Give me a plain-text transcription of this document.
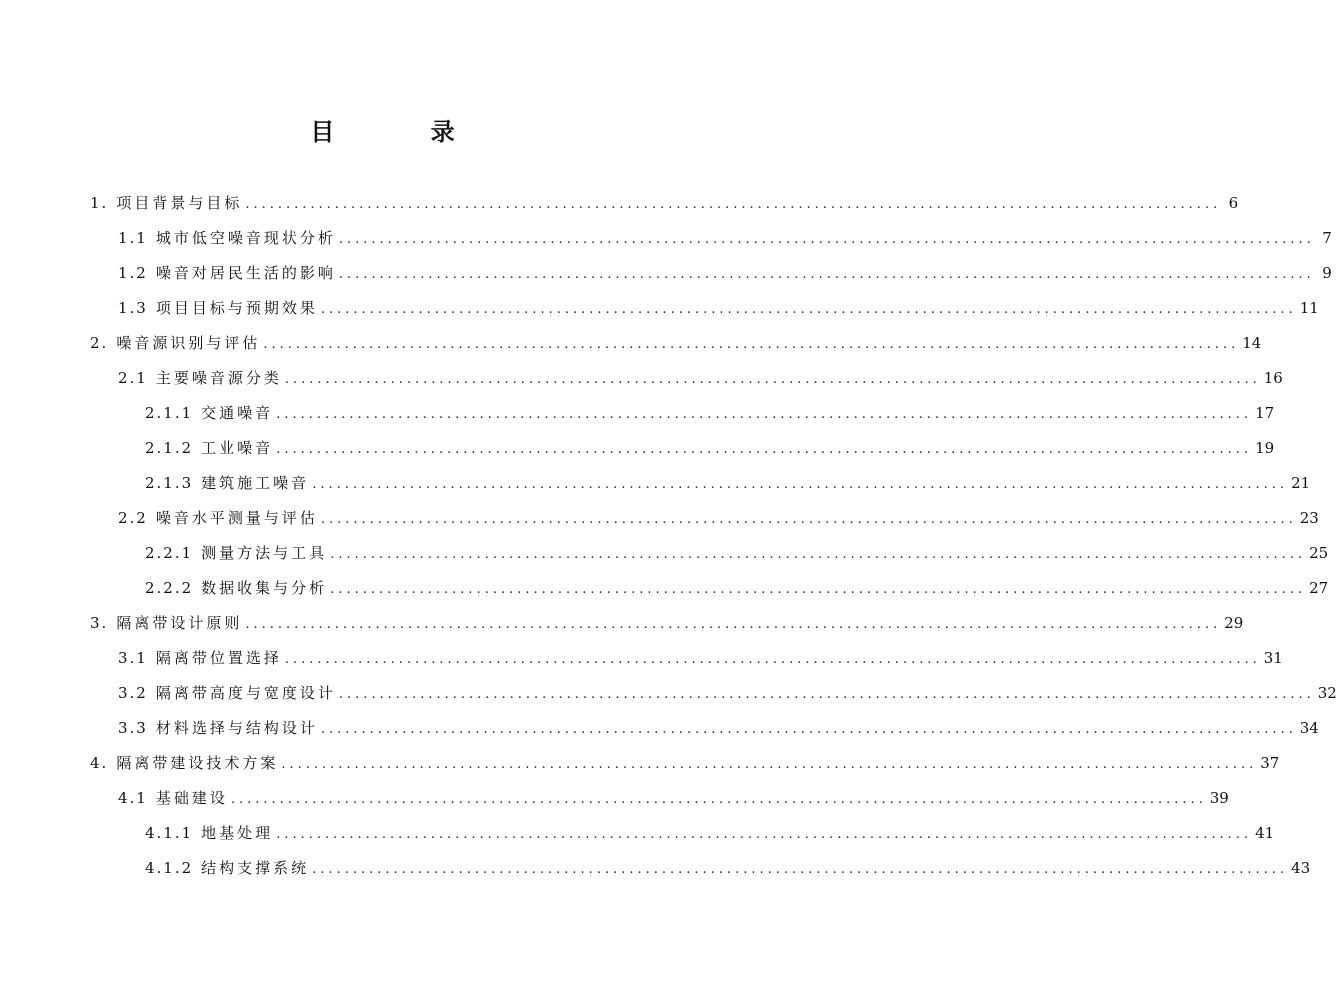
目 录
1. 项目背景与目标 ........................................................................................................................ 6
1.1 城市低空噪音现状分析 ........................................................................................................................ 7
1.2 噪音对居民生活的影响 ........................................................................................................................ 9
1.3 项目目标与预期效果 ........................................................................................................................ 11
2. 噪音源识别与评估 ........................................................................................................................ 14
2.1 主要噪音源分类 ........................................................................................................................ 16
2.1.1 交通噪音 ........................................................................................................................ 17
2.1.2 工业噪音 ........................................................................................................................ 19
2.1.3 建筑施工噪音 ........................................................................................................................ 21
2.2 噪音水平测量与评估 ........................................................................................................................ 23
2.2.1 测量方法与工具 ........................................................................................................................ 25
2.2.2 数据收集与分析 ........................................................................................................................ 27
3. 隔离带设计原则 ........................................................................................................................ 29
3.1 隔离带位置选择 ........................................................................................................................ 31
3.2 隔离带高度与宽度设计 ........................................................................................................................ 32
3.3 材料选择与结构设计 ........................................................................................................................ 34
4. 隔离带建设技术方案 ........................................................................................................................ 37
4.1 基础建设 ........................................................................................................................ 39
4.1.1 地基处理 ........................................................................................................................ 41
4.1.2 结构支撑系统 ........................................................................................................................ 43
